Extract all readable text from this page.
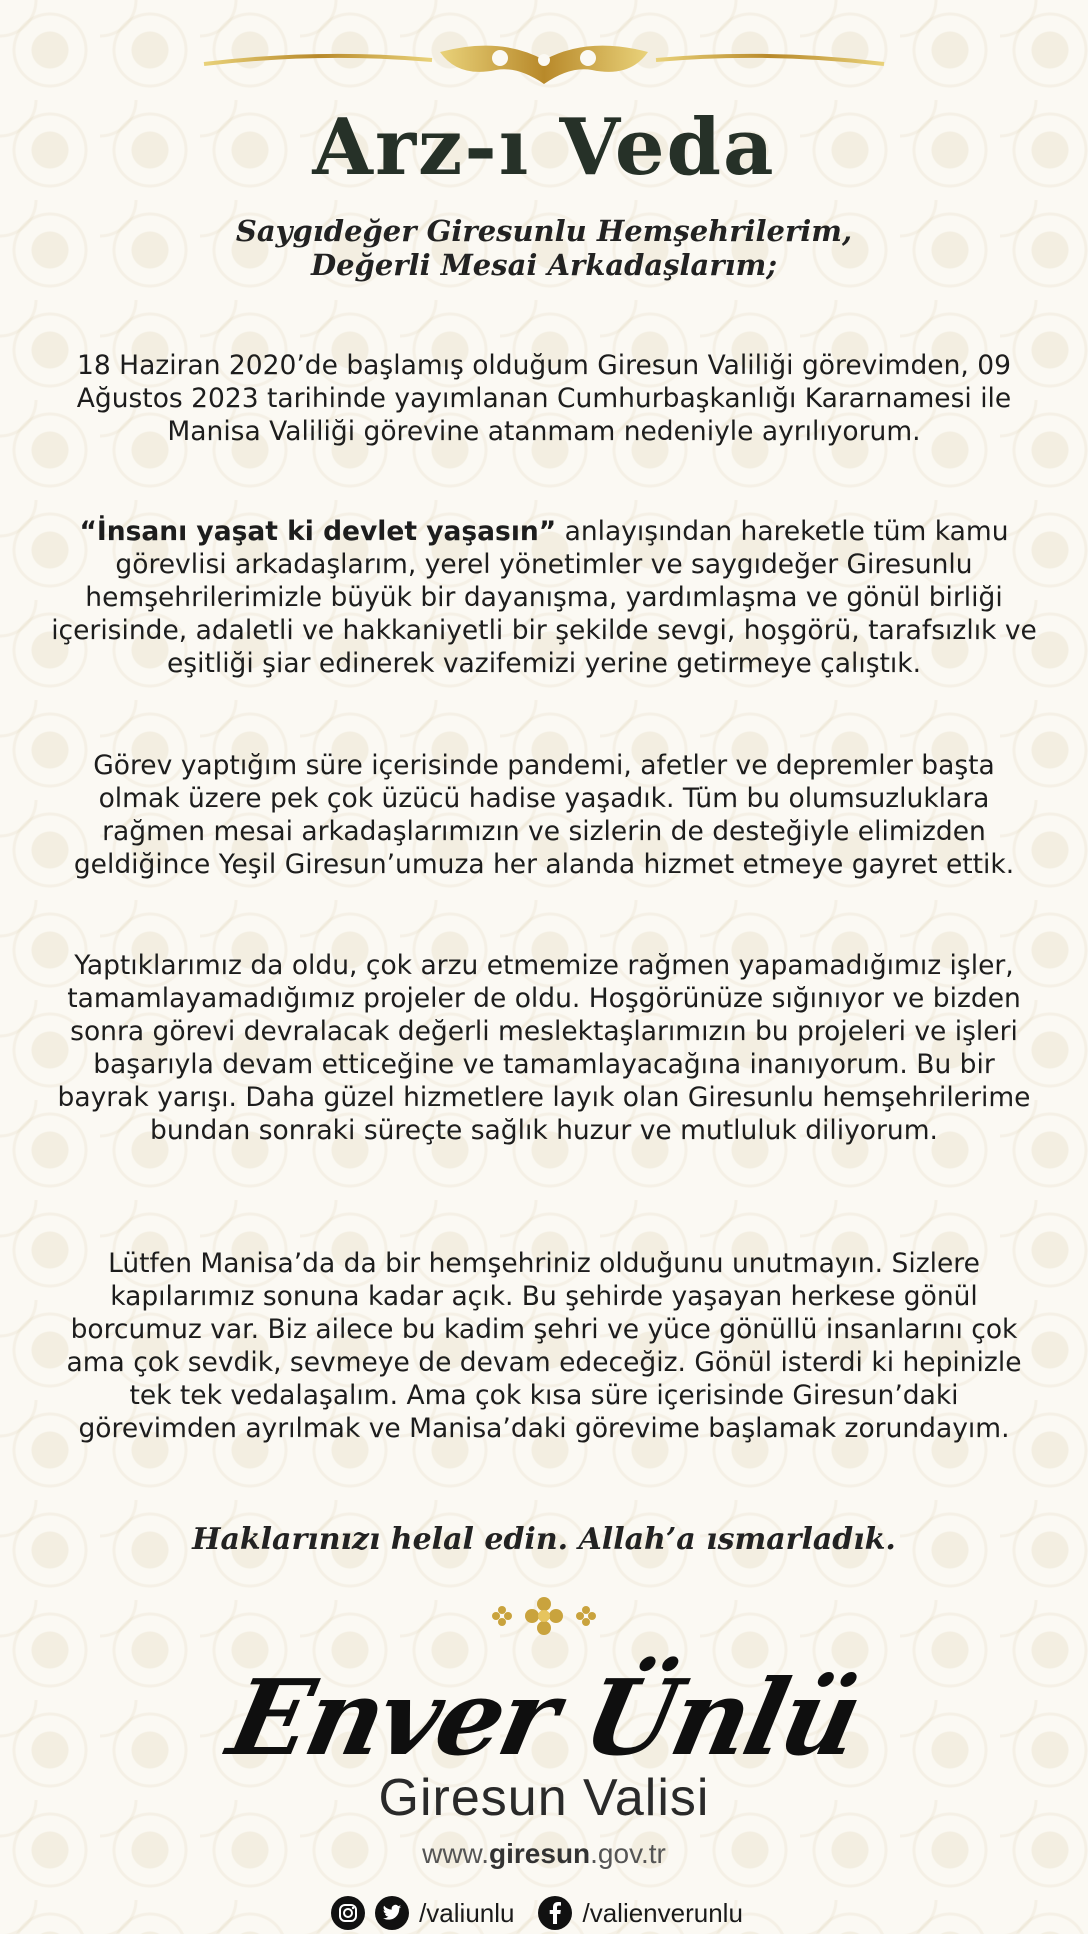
Arz-ı Veda
Saygıdeğer Giresunlu Hemşehrilerim,
Değerli Mesai Arkadaşlarım;

18 Haziran 2020’de başlamış olduğum Giresun Valiliği görevimden, 09 Ağustos 2023 tarihinde yayımlanan Cumhurbaşkanlığı Kararnamesi ile Manisa Valiliği görevine atanmam nedeniyle ayrılıyorum.

“İnsanı yaşat ki devlet yaşasın” anlayışından hareketle tüm kamu görevlisi arkadaşlarım, yerel yönetimler ve saygıdeğer Giresunlu hemşehrilerimizle büyük bir dayanışma, yardımlaşma ve gönül birliği içerisinde, adaletli ve hakkaniyetli bir şekilde sevgi, hoşgörü, tarafsızlık ve eşitliği şiar edinerek vazifemizi yerine getirmeye çalıştık.

Görev yaptığım süre içerisinde pandemi, afetler ve depremler başta olmak üzere pek çok üzücü hadise yaşadık. Tüm bu olumsuzluklara rağmen mesai arkadaşlarımızın ve sizlerin de desteğiyle elimizden geldiğince Yeşil Giresun’umuza her alanda hizmet etmeye gayret ettik.

Yaptıklarımız da oldu, çok arzu etmemize rağmen yapamadığımız işler, tamamlayamadığımız projeler de oldu. Hoşgörünüze sığınıyor ve bizden sonra görevi devralacak değerli meslektaşlarımızın bu projeleri ve işleri başarıyla devam etticeğine ve tamamlayacağına inanıyorum. Bu bir bayrak yarışı. Daha güzel hizmetlere layık olan Giresunlu hemşehrilerime bundan sonraki süreçte sağlık huzur ve mutluluk diliyorum.

Lütfen Manisa’da da bir hemşehriniz olduğunu unutmayın. Sizlere kapılarımız sonuna kadar açık. Bu şehirde yaşayan herkese gönül borcumuz var. Biz ailece bu kadim şehri ve yüce gönüllü insanlarını çok ama çok sevdik, sevmeye de devam edeceğiz. Gönül isterdi ki hepinizle tek tek vedalaşalım. Ama çok kısa süre içerisinde Giresun’daki görevimden ayrılmak ve Manisa’daki görevime başlamak zorundayım.

Haklarınızı helal edin. Allah’a ısmarladık.
Enver Ünlü
Giresun Valisi
www.giresun.gov.tr
/valiunlu	/valienverunlu
